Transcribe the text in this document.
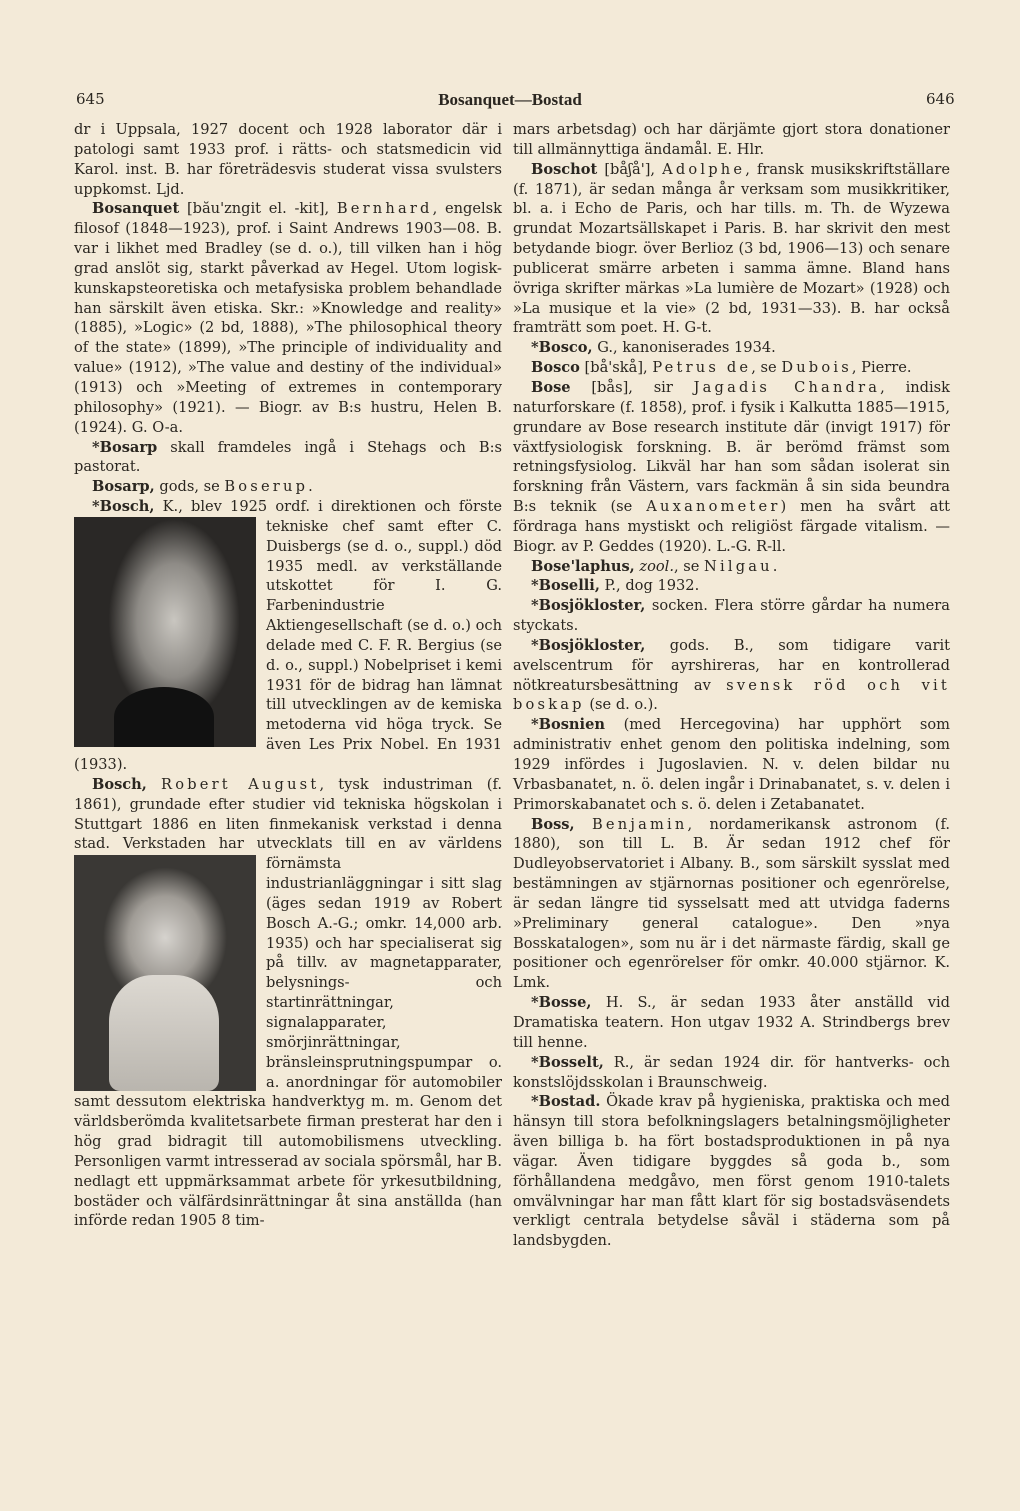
645	Bosanquet—Bostad	646

dr i Uppsala, 1927 docent och 1928 laborator där i patologi samt 1933 prof. i rätts- och statsmedicin vid Karol. inst. B. har företrädesvis studerat vissa svulsters uppkomst. Ljd.

Bosanquet [bău'zngit el. -kit], Bernhard, engelsk filosof (1848—1923), prof. i Saint Andrews 1903—08. B. var i likhet med Bradley (se d. o.), till vilken han i hög grad anslöt sig, starkt påverkad av Hegel. Utom logisk-kunskapsteoretiska och metafysiska problem behandlade han särskilt även etiska. Skr.: »Knowledge and reality» (1885), »Logic» (2 bd, 1888), »The philosophical theory of the state» (1899), »The principle of individuality and value» (1912), »The value and destiny of the individual» (1913) och »Meeting of extremes in contemporary philosophy» (1921). — Biogr. av B:s hustru, Helen B. (1924). G. O-a.

*Bosarp skall framdeles ingå i Stehags och B:s pastorat.

Bosarp, gods, se Boserup.

*Bosch, K., blev 1925 ordf. i direktionen och förste tekniske chef samt efter C. Duisbergs (se d. o., suppl.) död 1935 medl. av verkställande utskottet för I. G. Farbenindustrie Aktiengesellschaft (se d. o.) och delade med C. F. R. Bergius (se d. o., suppl.) Nobelpriset i kemi 1931 för de bidrag han lämnat till utvecklingen av de kemiska metoderna vid höga tryck. Se även Les Prix Nobel. En 1931 (1933).

Bosch, Robert August, tysk industriman (f. 1861), grundade efter studier vid tekniska högskolan i Stuttgart 1886 en liten finmekanisk verkstad i denna stad. Verkstaden har utvecklats till en av världens förnämsta industrianläggningar i sitt slag (äges sedan 1919 av Robert Bosch A.-G.; omkr. 14,000 arb. 1935) och har specialiserat sig på tillv. av magnetapparater, belysnings- och startinrättningar, signalapparater, smörjinrättningar, bränsleinsprutningspumpar o. a. anordningar för automobiler samt dessutom elektriska handverktyg m. m. Genom det världsberömda kvalitetsarbete firman presterat har den i hög grad bidragit till automobilismens utveckling. Personligen varmt intresserad av sociala spörsmål, har B. nedlagt ett uppmärksammat arbete för yrkesutbildning, bostäder och välfärdsinrättningar åt sina anställda (han införde redan 1905 8 tim-

mars arbetsdag) och har därjämte gjort stora donationer till allmännyttiga ändamål. E. Hlr.

Boschot [båʃå'], Adolphe, fransk musikskriftställare (f. 1871), är sedan många år verksam som musikkritiker, bl. a. i Echo de Paris, och har tills. m. Th. de Wyzewa grundat Mozartsällskapet i Paris. B. har skrivit den mest betydande biogr. över Berlioz (3 bd, 1906—13) och senare publicerat smärre arbeten i samma ämne. Bland hans övriga skrifter märkas »La lumière de Mozart» (1928) och »La musique et la vie» (2 bd, 1931—33). B. har också framträtt som poet. H. G-t.

*Bosco, G., kanoniserades 1934.

Bosco [bå'skå], Petrus de, se Dubois, Pierre.

Bose [bås], sir Jagadis Chandra, indisk naturforskare (f. 1858), prof. i fysik i Kalkutta 1885—1915, grundare av Bose research institute där (invigt 1917) för växtfysiologisk forskning. B. är berömd främst som retningsfysiolog. Likväl har han som sådan isolerat sin forskning från Västern, vars fackmän å sin sida beundra B:s teknik (se Auxanometer) men ha svårt att fördraga hans mystiskt och religiöst färgade vitalism. — Biogr. av P. Geddes (1920). L.-G. R-ll.

Bose'laphus, zool., se Nilgau.

*Boselli, P., dog 1932.

*Bosjökloster, socken. Flera större gårdar ha numera styckats.

*Bosjökloster, gods. B., som tidigare varit avelscentrum för ayrshireras, har en kontrollerad nötkreatursbesättning av svensk röd och vit boskap (se d. o.).

*Bosnien (med Hercegovina) har upphört som administrativ enhet genom den politiska indelning, som 1929 infördes i Jugoslavien. N. v. delen bildar nu Vrbasbanatet, n. ö. delen ingår i Drinabanatet, s. v. delen i Primorskabanatet och s. ö. delen i Zetabanatet.

Boss, Benjamin, nordamerikansk astronom (f. 1880), son till L. B. Är sedan 1912 chef för Dudleyobservatoriet i Albany. B., som särskilt sysslat med bestämningen av stjärnornas positioner och egenrörelse, är sedan längre tid sysselsatt med att utvidga faderns »Preliminary general catalogue». Den »nya Bosskatalogen», som nu är i det närmaste färdig, skall ge positioner och egenrörelser för omkr. 40.000 stjärnor. K. Lmk.

*Bosse, H. S., är sedan 1933 åter anställd vid Dramatiska teatern. Hon utgav 1932 A. Strindbergs brev till henne.

*Bosselt, R., är sedan 1924 dir. för hantverks- och konstslöjdsskolan i Braunschweig.

*Bostad. Ökade krav på hygieniska, praktiska och med hänsyn till stora befolkningslagers betalningsmöjligheter även billiga b. ha fört bostadsproduktionen in på nya vägar. Även tidigare byggdes så goda b., som förhållandena medgåvo, men först genom 1910-talets omvälvningar har man fått klart för sig bostadsväsendets verkligt centrala betydelse såväl i städerna som på landsbygden.
